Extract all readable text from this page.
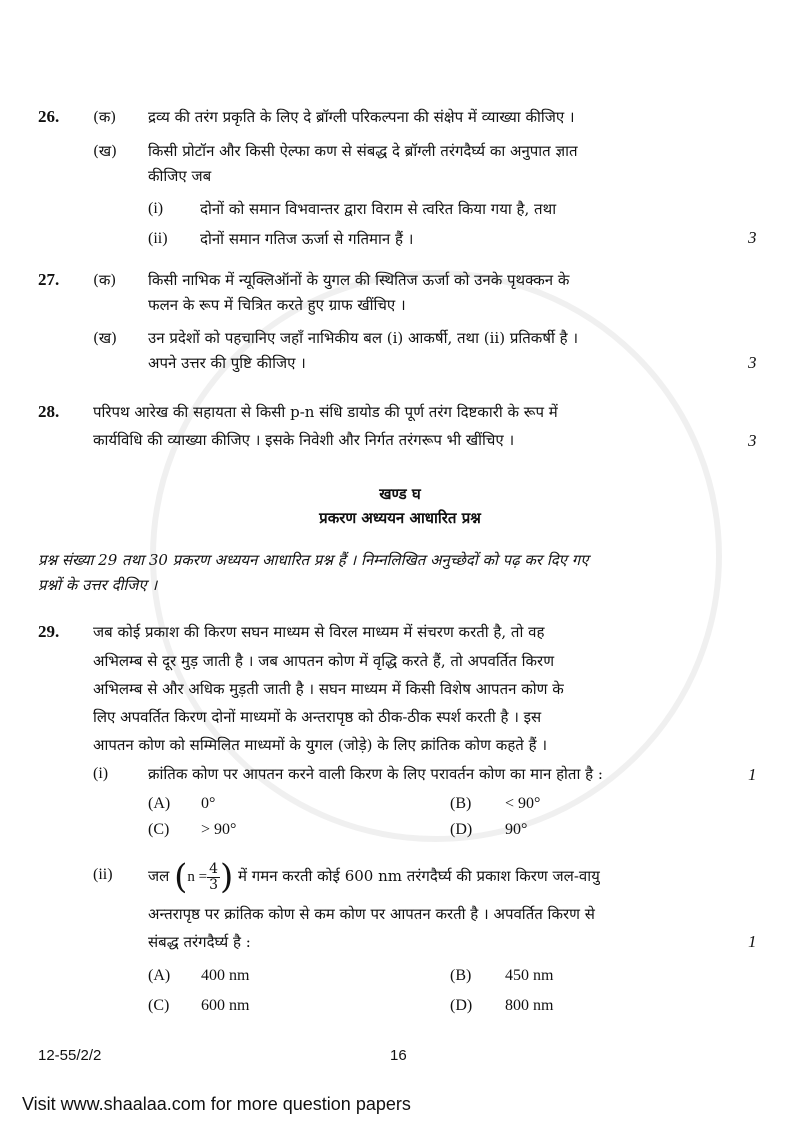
26. (क) द्रव्य की तरंग प्रकृति के लिए दे ब्रॉग्ली परिकल्पना की संक्षेप में व्याख्या कीजिए ।
(ख) किसी प्रोटॉन और किसी ऐल्फा कण से संबद्ध दे ब्रॉग्ली तरंगदैर्घ्य का अनुपात ज्ञात
कीजिए जब
(i) दोनों को समान विभवान्तर द्वारा विराम से त्वरित किया गया है, तथा
(ii) दोनों समान गतिज ऊर्जा से गतिमान हैं ।	3
27. (क) किसी नाभिक में न्यूक्लिऑनों के युगल की स्थितिज ऊर्जा को उनके पृथक्कन के
फलन के रूप में चित्रित करते हुए ग्राफ खींचिए ।
(ख) उन प्रदेशों को पहचानिए जहाँ नाभिकीय बल (i) आकर्षी, तथा (ii) प्रतिकर्षी है ।
अपने उत्तर की पुष्टि कीजिए ।	3
28. परिपथ आरेख की सहायता से किसी p-n संधि डायोड की पूर्ण तरंग दिष्टकारी के रूप में
कार्यविधि की व्याख्या कीजिए । इसके निवेशी और निर्गत तरंगरूप भी खींचिए ।	3
खण्ड घ
प्रकरण अध्ययन आधारित प्रश्न
प्रश्न संख्या 29 तथा 30 प्रकरण अध्ययन आधारित प्रश्न हैं । निम्नलिखित अनुच्छेदों को पढ़ कर दिए गए
प्रश्नों के उत्तर दीजिए ।
29. जब कोई प्रकाश की किरण सघन माध्यम से विरल माध्यम में संचरण करती है, तो वह
अभिलम्ब से दूर मुड़ जाती है । जब आपतन कोण में वृद्धि करते हैं, तो अपवर्तित किरण
अभिलम्ब से और अधिक मुड़ती जाती है । सघन माध्यम में किसी विशेष आपतन कोण के
लिए अपवर्तित किरण दोनों माध्यमों के अन्तरापृष्ठ को ठीक-ठीक स्पर्श करती है । इस
आपतन कोण को सम्मिलित माध्यमों के युगल (जोड़े) के लिए क्रांतिक कोण कहते हैं ।
(i)	क्रांतिक कोण पर आपतन करने वाली किरण के लिए परावर्तन कोण का मान होता है :	1
(A) 0°	(B) < 90°
(C) > 90°	(D) 90°
(ii) जल ($n = \frac{4}{3}$ ) में गमन करती कोई 600 nm तरंगदैर्घ्य की प्रकाश किरण जल-वायु
अन्तरापृष्ठ पर क्रांतिक कोण से कम कोण पर आपतन करती है । अपवर्तित किरण से
संबद्ध तरंगदैर्घ्य है :	1
(A) 400 nm	(B) 450 nm
(C) 600 nm	(D) 800 nm
12-55/2/2	16
Visit www.shaalaa.com for more question papers
